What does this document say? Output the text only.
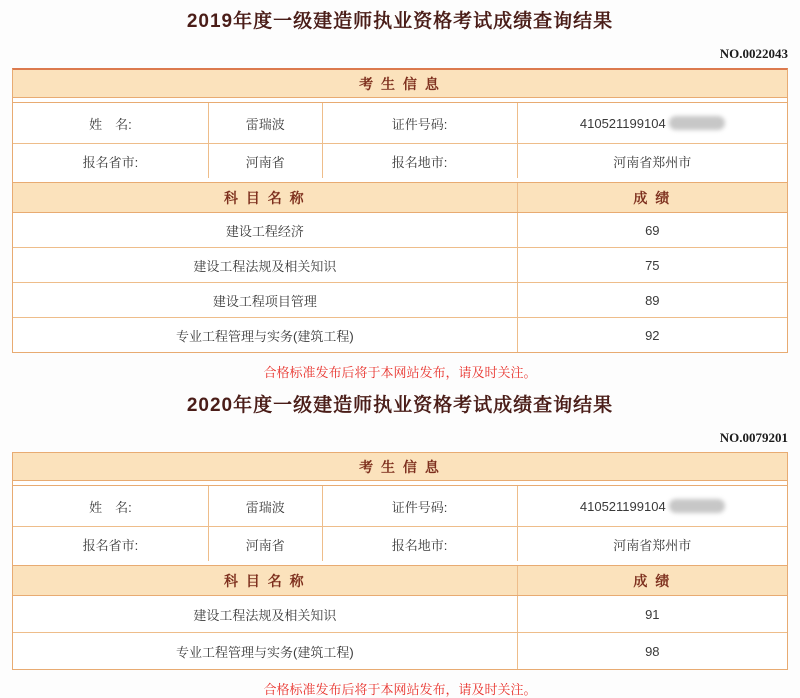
2019年度一级建造师执业资格考试成绩查询结果
NO.0022043
考 生 信 息
姓　名:	雷瑞波	证件号码:	410521199104
报名省市:	河南省	报名地市:	河南省郑州市
科 目 名 称	成 绩
建设工程经济	69
建设工程法规及相关知识	75
建设工程项目管理	89
专业工程管理与实务(建筑工程)	92
合格标准发布后将于本网站发布，请及时关注。
2020年度一级建造师执业资格考试成绩查询结果
NO.0079201
考 生 信 息
姓　名:	雷瑞波	证件号码:	410521199104
报名省市:	河南省	报名地市:	河南省郑州市
科 目 名 称	成 绩
建设工程法规及相关知识	91
专业工程管理与实务(建筑工程)	98
合格标准发布后将于本网站发布，请及时关注。
